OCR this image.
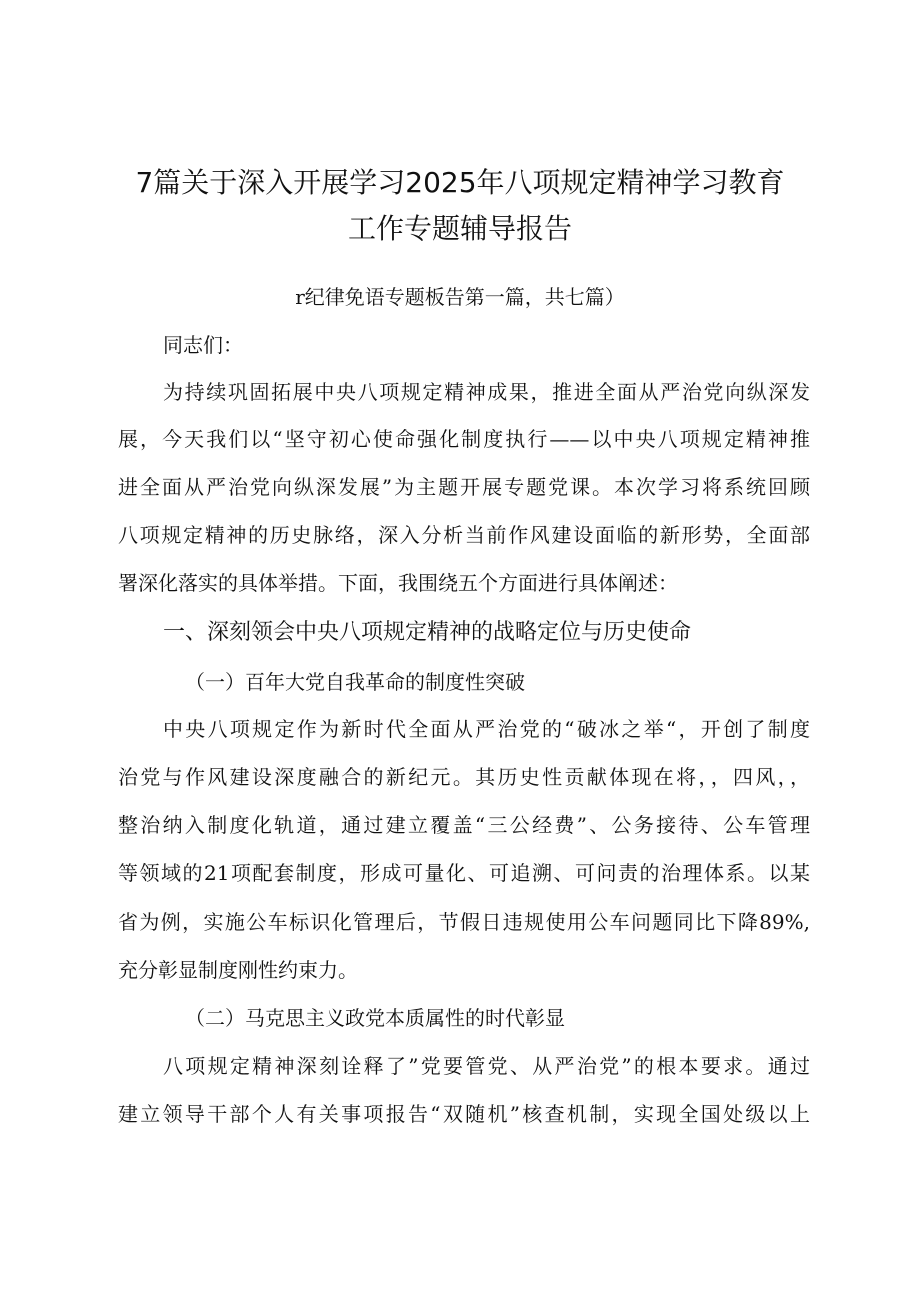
7篇关于深入开展学习2025年八项规定精神学习教育
工作专题辅导报告
r纪律免语专题板告第一篇，共七篇）
同志们：
为持续巩固拓展中央八项规定精神成果，推进全面从严治党向纵深发
展，今天我们以“坚守初心使命强化制度执行——以中央八项规定精神推
进全面从严治党向纵深发展”为主题开展专题党课。本次学习将系统回顾
八项规定精神的历史脉络，深入分析当前作风建设面临的新形势，全面部
署深化落实的具体举措。下面，我围绕五个方面进行具体阐述：
一、深刻领会中央八项规定精神的战略定位与历史使命
（一）百年大党自我革命的制度性突破
中央八项规定作为新时代全面从严治党的“破冰之举“，开创了制度
治党与作风建设深度融合的新纪元。其历史性贡献体现在将，，四风，，
整治纳入制度化轨道，通过建立覆盖“三公经费”、公务接待、公车管理
等领域的21项配套制度，形成可量化、可追溯、可问责的治理体系。以某
省为例，实施公车标识化管理后，节假日违规使用公车问题同比下降89%,
充分彰显制度刚性约束力。
（二）马克思主义政党本质属性的时代彰显
八项规定精神深刻诠释了”党要管党、从严治党”的根本要求。通过
建立领导干部个人有关事项报告“双随机”核查机制，实现全国处级以上
